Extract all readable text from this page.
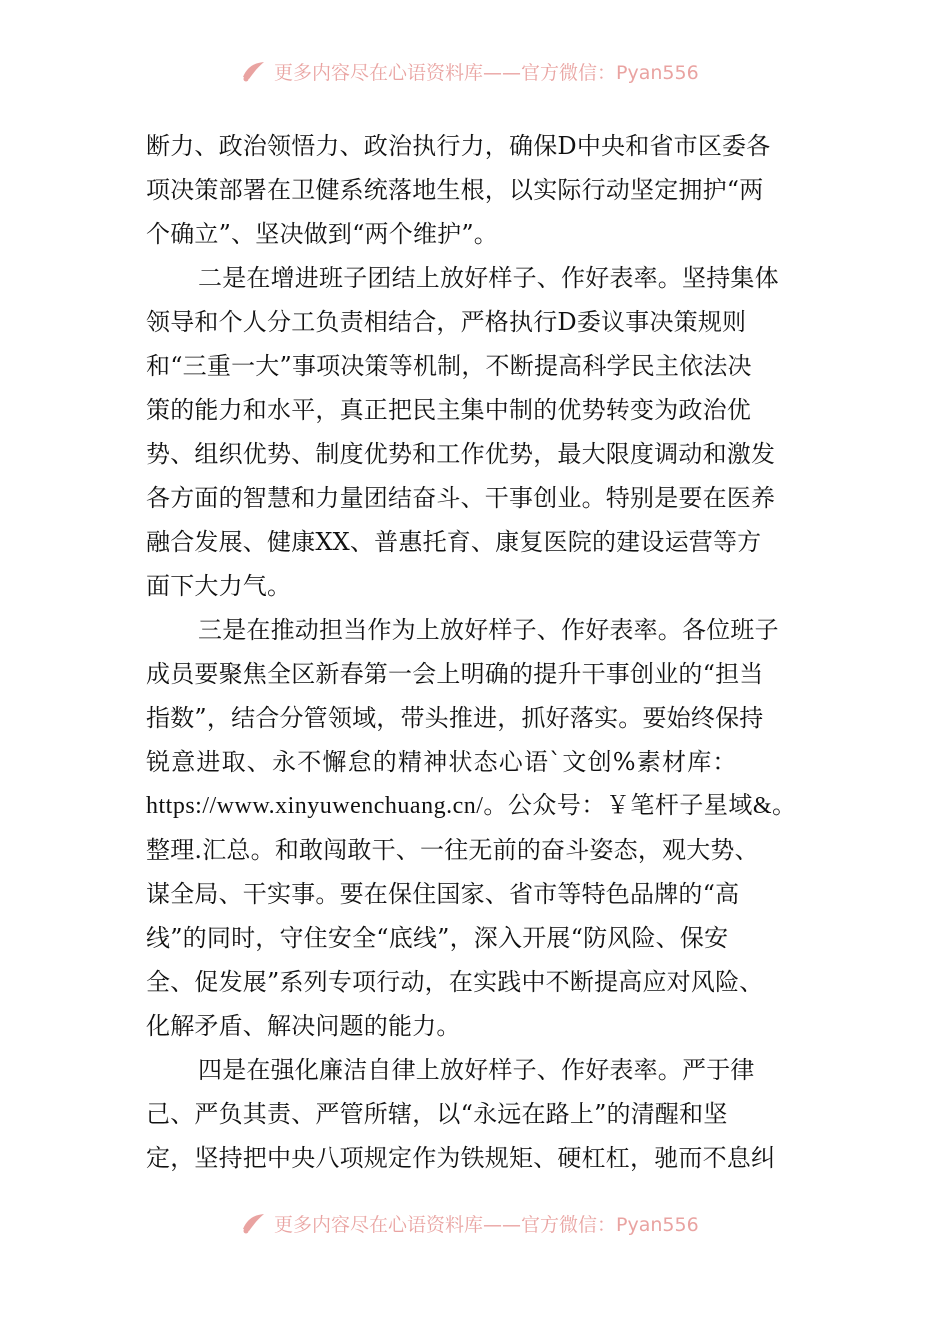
更多内容尽在心语资料库——官方微信：Pyan556
断力、政治领悟力、政治执行力，确保D中央和省市区委各
项决策部署在卫健系统落地生根，以实际行动坚定拥护“两
个确立”、坚决做到“两个维护”。
二是在增进班子团结上放好样子、作好表率。坚持集体
领导和个人分工负责相结合，严格执行D委议事决策规则
和“三重一大”事项决策等机制，不断提高科学民主依法决
策的能力和水平，真正把民主集中制的优势转变为政治优
势、组织优势、制度优势和工作优势，最大限度调动和激发
各方面的智慧和力量团结奋斗、干事创业。特别是要在医养
融合发展、健康XX、普惠托育、康复医院的建设运营等方
面下大力气。
三是在推动担当作为上放好样子、作好表率。各位班子
成员要聚焦全区新春第一会上明确的提升干事创业的“担当
指数”，结合分管领域，带头推进，抓好落实。要始终保持
锐意进取、永不懈怠的精神状态心语`文创%素材库：
https://www.xinyuwenchuang.cn/。公众号：￥笔杆子星域&。
整理.汇总。和敢闯敢干、一往无前的奋斗姿态，观大势、
谋全局、干实事。要在保住国家、省市等特色品牌的“高
线”的同时，守住安全“底线”，深入开展“防风险、保安
全、促发展”系列专项行动，在实践中不断提高应对风险、
化解矛盾、解决问题的能力。
四是在强化廉洁自律上放好样子、作好表率。严于律
己、严负其责、严管所辖，以“永远在路上”的清醒和坚
定，坚持把中央八项规定作为铁规矩、硬杠杠，驰而不息纠
更多内容尽在心语资料库——官方微信：Pyan556
